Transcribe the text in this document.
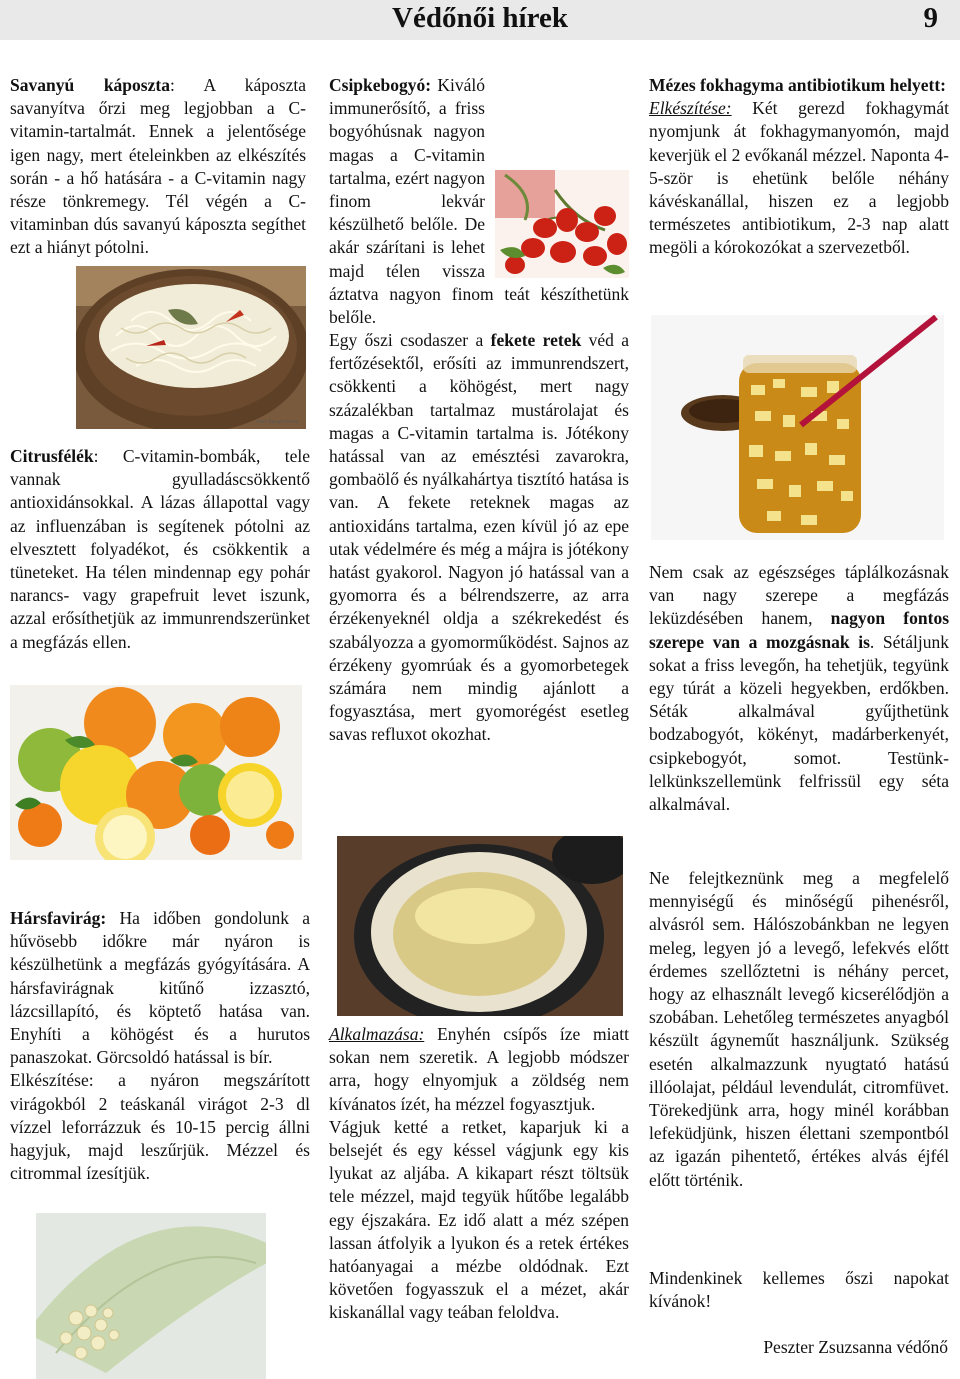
Védőnői hírek	9

Savanyú káposzta: A káposzta savanyítva őrzi meg legjobban a C-vitamin-tartalmát. Ennek a jelentősége igen nagy, mert ételeinkben az elkészítés során - a hő hatására - a C-vitamin nagy része tönkremegy. Tél végén a C-vitaminban dús savanyú káposzta segíthet ezt a hiányt pótolni.

Fotó: Balogh Szilvia

Citrusfélék: C-vitamin-bombák, tele vannak gyulladáscsökkentő antioxidánsokkal. A lázas állapottal vagy az influenzában is segítenek pótolni az elvesztett folyadékot, és csökkentik a tüneteket. Ha télen mindennap egy pohár narancs- vagy grapefruit levet iszunk, azzal erősíthetjük az immunrendszerünket a megfázás ellen.

Hársfavirág: Ha időben gondolunk a hűvösebb időkre már nyáron is készülhetünk a megfázás gyógyítására. A hársfavirágnak kitűnő izzasztó, lázcsillapító, és köptető hatása van. Enyhíti a köhögést és a hurutos panaszokat. Görcsoldó hatással is bír.

Elkészítése: a nyáron megszárított virágokból 2 teáskanál virágot 2-3 dl vízzel leforrázzuk és 10-15 percig állni hagyjuk, majd leszűrjük. Mézzel és citrommal ízesítjük.

Csipkebogyó: Kiváló immunerősítő, a friss bogyóhúsnak nagyon magas a C-vitamin tartalma, ezért nagyon finom lekvár készülhető belőle. De akár szárítani is lehet majd télen vissza áztatva nagyon finom teát készíthetünk belőle.

Egy őszi csodaszer a fekete retek véd a fertőzésektől, erősíti az immunrendszert, csökkenti a köhögést, mert nagy százalékban tartalmaz mustárolajat és magas a C-vitamin tartalma is. Jótékony hatással van az emésztési zavarokra, gombaölő és nyálkahártya tisztító hatása is van. A fekete reteknek magas az antioxidáns tartalma, ezen kívül jó az epe utak védelmére és még a májra is jótékony hatást gyakorol. Nagyon jó hatással van a gyomorra és a bélrendszerre, az arra érzékenyeknél oldja a székrekedést és szabályozza a gyomorműködést. Sajnos az érzékeny gyomrúak és a gyomorbetegek számára nem mindig ajánlott a fogyasztása, mert gyomorégést esetleg savas refluxot okozhat.

Alkalmazása: Enyhén csípős íze miatt sokan nem szeretik. A legjobb módszer arra, hogy elnyomjuk a zöldség nem kívánatos ízét, ha mézzel fogyasztjuk.

Vágjuk ketté a retket, kaparjuk ki a belsejét és egy késsel vágjunk egy kis lyukat az aljába. A kikapart részt töltsük tele mézzel, majd tegyük hűtőbe legalább egy éjszakára. Ez idő alatt a méz szépen lassan átfolyik a lyukon és a retek értékes hatóanyagai a mézbe oldódnak. Ezt követően fogyasszuk el a mézet, akár kiskanállal vagy teában feloldva.

Mézes fokhagyma antibiotikum helyett:

Elkészítése: Két gerezd fokhagymát nyomjunk át fokhagymanyomón, majd keverjük el 2 evőkanál mézzel. Naponta 4-5-ször is ehetünk belőle néhány kávéskanállal, hiszen ez a legjobb természetes antibiotikum, 2-3 nap alatt megöli a kórokozókat a szervezetből.

Nem csak az egészséges táplálkozásnak van nagy szerepe a megfázás leküzdésében hanem, nagyon fontos szerepe van a mozgásnak is. Sétáljunk sokat a friss levegőn, ha tehetjük, tegyünk egy túrát a közeli hegyekben, erdőkben. Séták alkalmával gyűjthetünk bodzabogyót, kökényt, madárberkenyét, csipkebogyót, somot. Testünk- lelkünkszellemünk felfrissül egy séta alkalmával.

Ne felejtkeznünk meg a megfelelő mennyiségű és minőségű pihenésről, alvásról sem. Hálószobánkban ne legyen meleg, legyen jó a levegő, lefekvés előtt érdemes szellőztetni is néhány percet, hogy az elhasznált levegő kicserélődjön a szobában. Lehetőleg természetes anyagból készült ágyneműt használjunk. Szükség esetén alkalmazzunk nyugtató hatású illóolajat, például levendulát, citromfüvet. Törekedjünk arra, hogy minél korábban lefeküdjünk, hiszen élettani szempontból az igazán pihentető, értékes alvás éjfél előtt történik.

Mindenkinek kellemes őszi napokat kívánok!

Peszter Zsuzsanna védőnő
